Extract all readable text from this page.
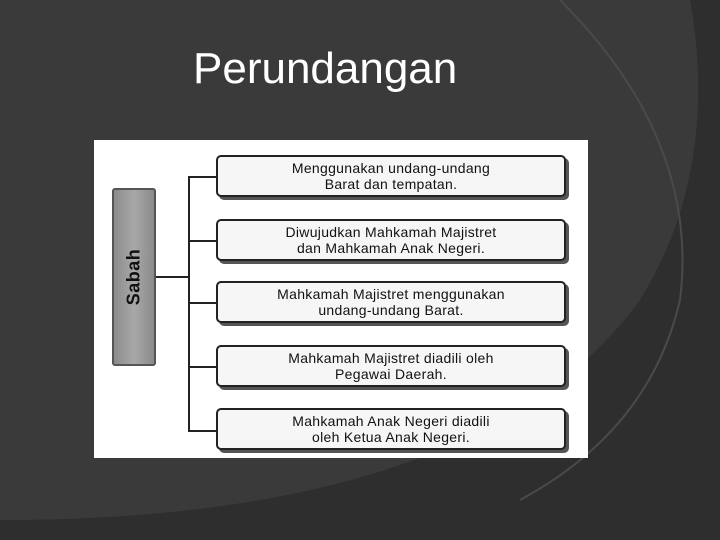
Perundangan
Sabah
Menggunakan undang-undang
Barat dan tempatan.
Diwujudkan Mahkamah Majistret
dan Mahkamah Anak Negeri.
Mahkamah Majistret menggunakan
undang-undang Barat.
Mahkamah Majistret diadili oleh
Pegawai Daerah.
Mahkamah Anak Negeri diadili
oleh Ketua Anak Negeri.
